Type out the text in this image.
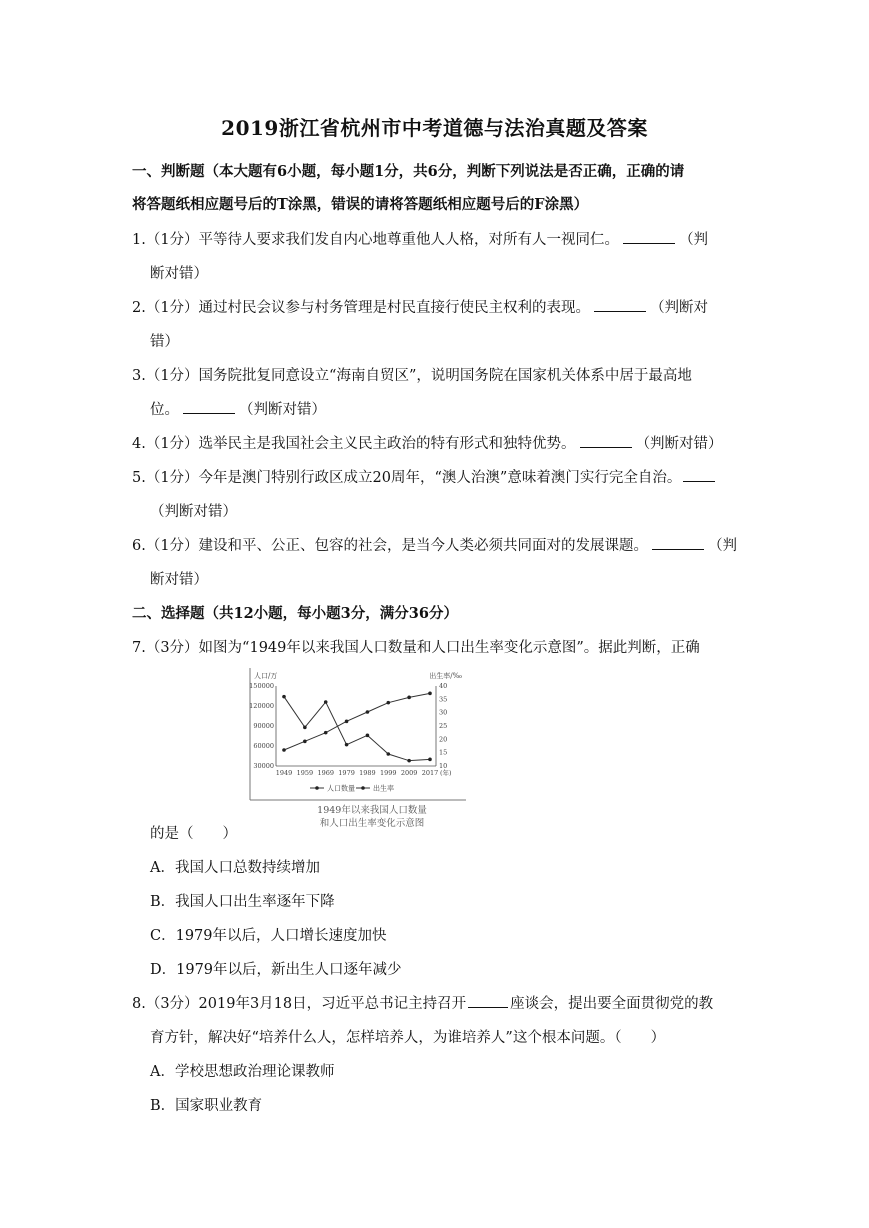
2019浙江省杭州市中考道德与法治真题及答案
一、判断题（本大题有6小题，每小题1分，共6分，判断下列说法是否正确，正确的请
将答题纸相应题号后的T涂黑，错误的请将答题纸相应题号后的F涂黑）
1.（1分）平等待人要求我们发自内心地尊重他人人格，对所有人一视同仁。	（判
断对错）
2.（1分）通过村民会议参与村务管理是村民直接行使民主权利的表现。	（判断对
错）
3.（1分）国务院批复同意设立“海南自贸区”，说明国务院在国家机关体系中居于最高地
位。	（判断对错）
4.（1分）选举民主是我国社会主义民主政治的特有形式和独特优势。	（判断对错）
5.（1分）今年是澳门特别行政区成立20周年，“澳人治澳”意味着澳门实行完全自治。
（判断对错）
6.（1分）建设和平、公正、包容的社会，是当今人类必须共同面对的发展课题。	（判
断对错）
二、选择题（共12小题，每小题3分，满分36分）
7.（3分）如图为“1949年以来我国人口数量和人口出生率变化示意图”。据此判断，正确
人口/万	出生率/‰
150000
120000
90000
60000
30000
40
35
30
25
20
15
10
1949 1959 1969 1979 1989 1999 2009 2017 (年)
人口数量	出生率
1949年以来我国人口数量
和人口出生率变化示意图
的是（　　）
A．我国人口总数持续增加
B．我国人口出生率逐年下降
C．1979年以后，人口增长速度加快
D．1979年以后，新出生人口逐年减少
8.（3分）2019年3月18日，习近平总书记主持召开	座谈会，提出要全面贯彻党的教
育方针，解决好“培养什么人，怎样培养人，为谁培养人”这个根本问题。（　　）
A．学校思想政治理论课教师
B．国家职业教育
